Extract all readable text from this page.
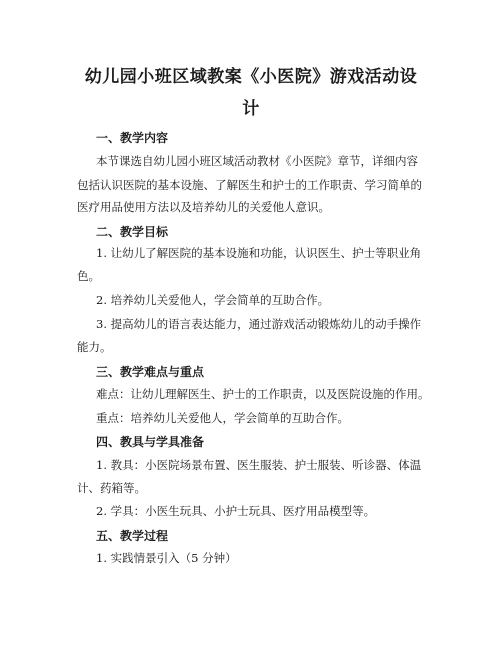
幼儿园小班区域教案《小医院》游戏活动设
计
一、教学内容
本节课选自幼儿园小班区域活动教材《小医院》章节，详细内容
包括认识医院的基本设施、了解医生和护士的工作职责、学习简单的
医疗用品使用方法以及培养幼儿的关爱他人意识。
二、教学目标
1. 让幼儿了解医院的基本设施和功能，认识医生、护士等职业角
色。
2. 培养幼儿关爱他人，学会简单的互助合作。
3. 提高幼儿的语言表达能力，通过游戏活动锻炼幼儿的动手操作
能力。
三、教学难点与重点
难点：让幼儿理解医生、护士的工作职责，以及医院设施的作用。
重点：培养幼儿关爱他人，学会简单的互助合作。
四、教具与学具准备
1. 教具：小医院场景布置、医生服装、护士服装、听诊器、体温
计、药箱等。
2. 学具：小医生玩具、小护士玩具、医疗用品模型等。
五、教学过程
1. 实践情景引入（5 分钟）
